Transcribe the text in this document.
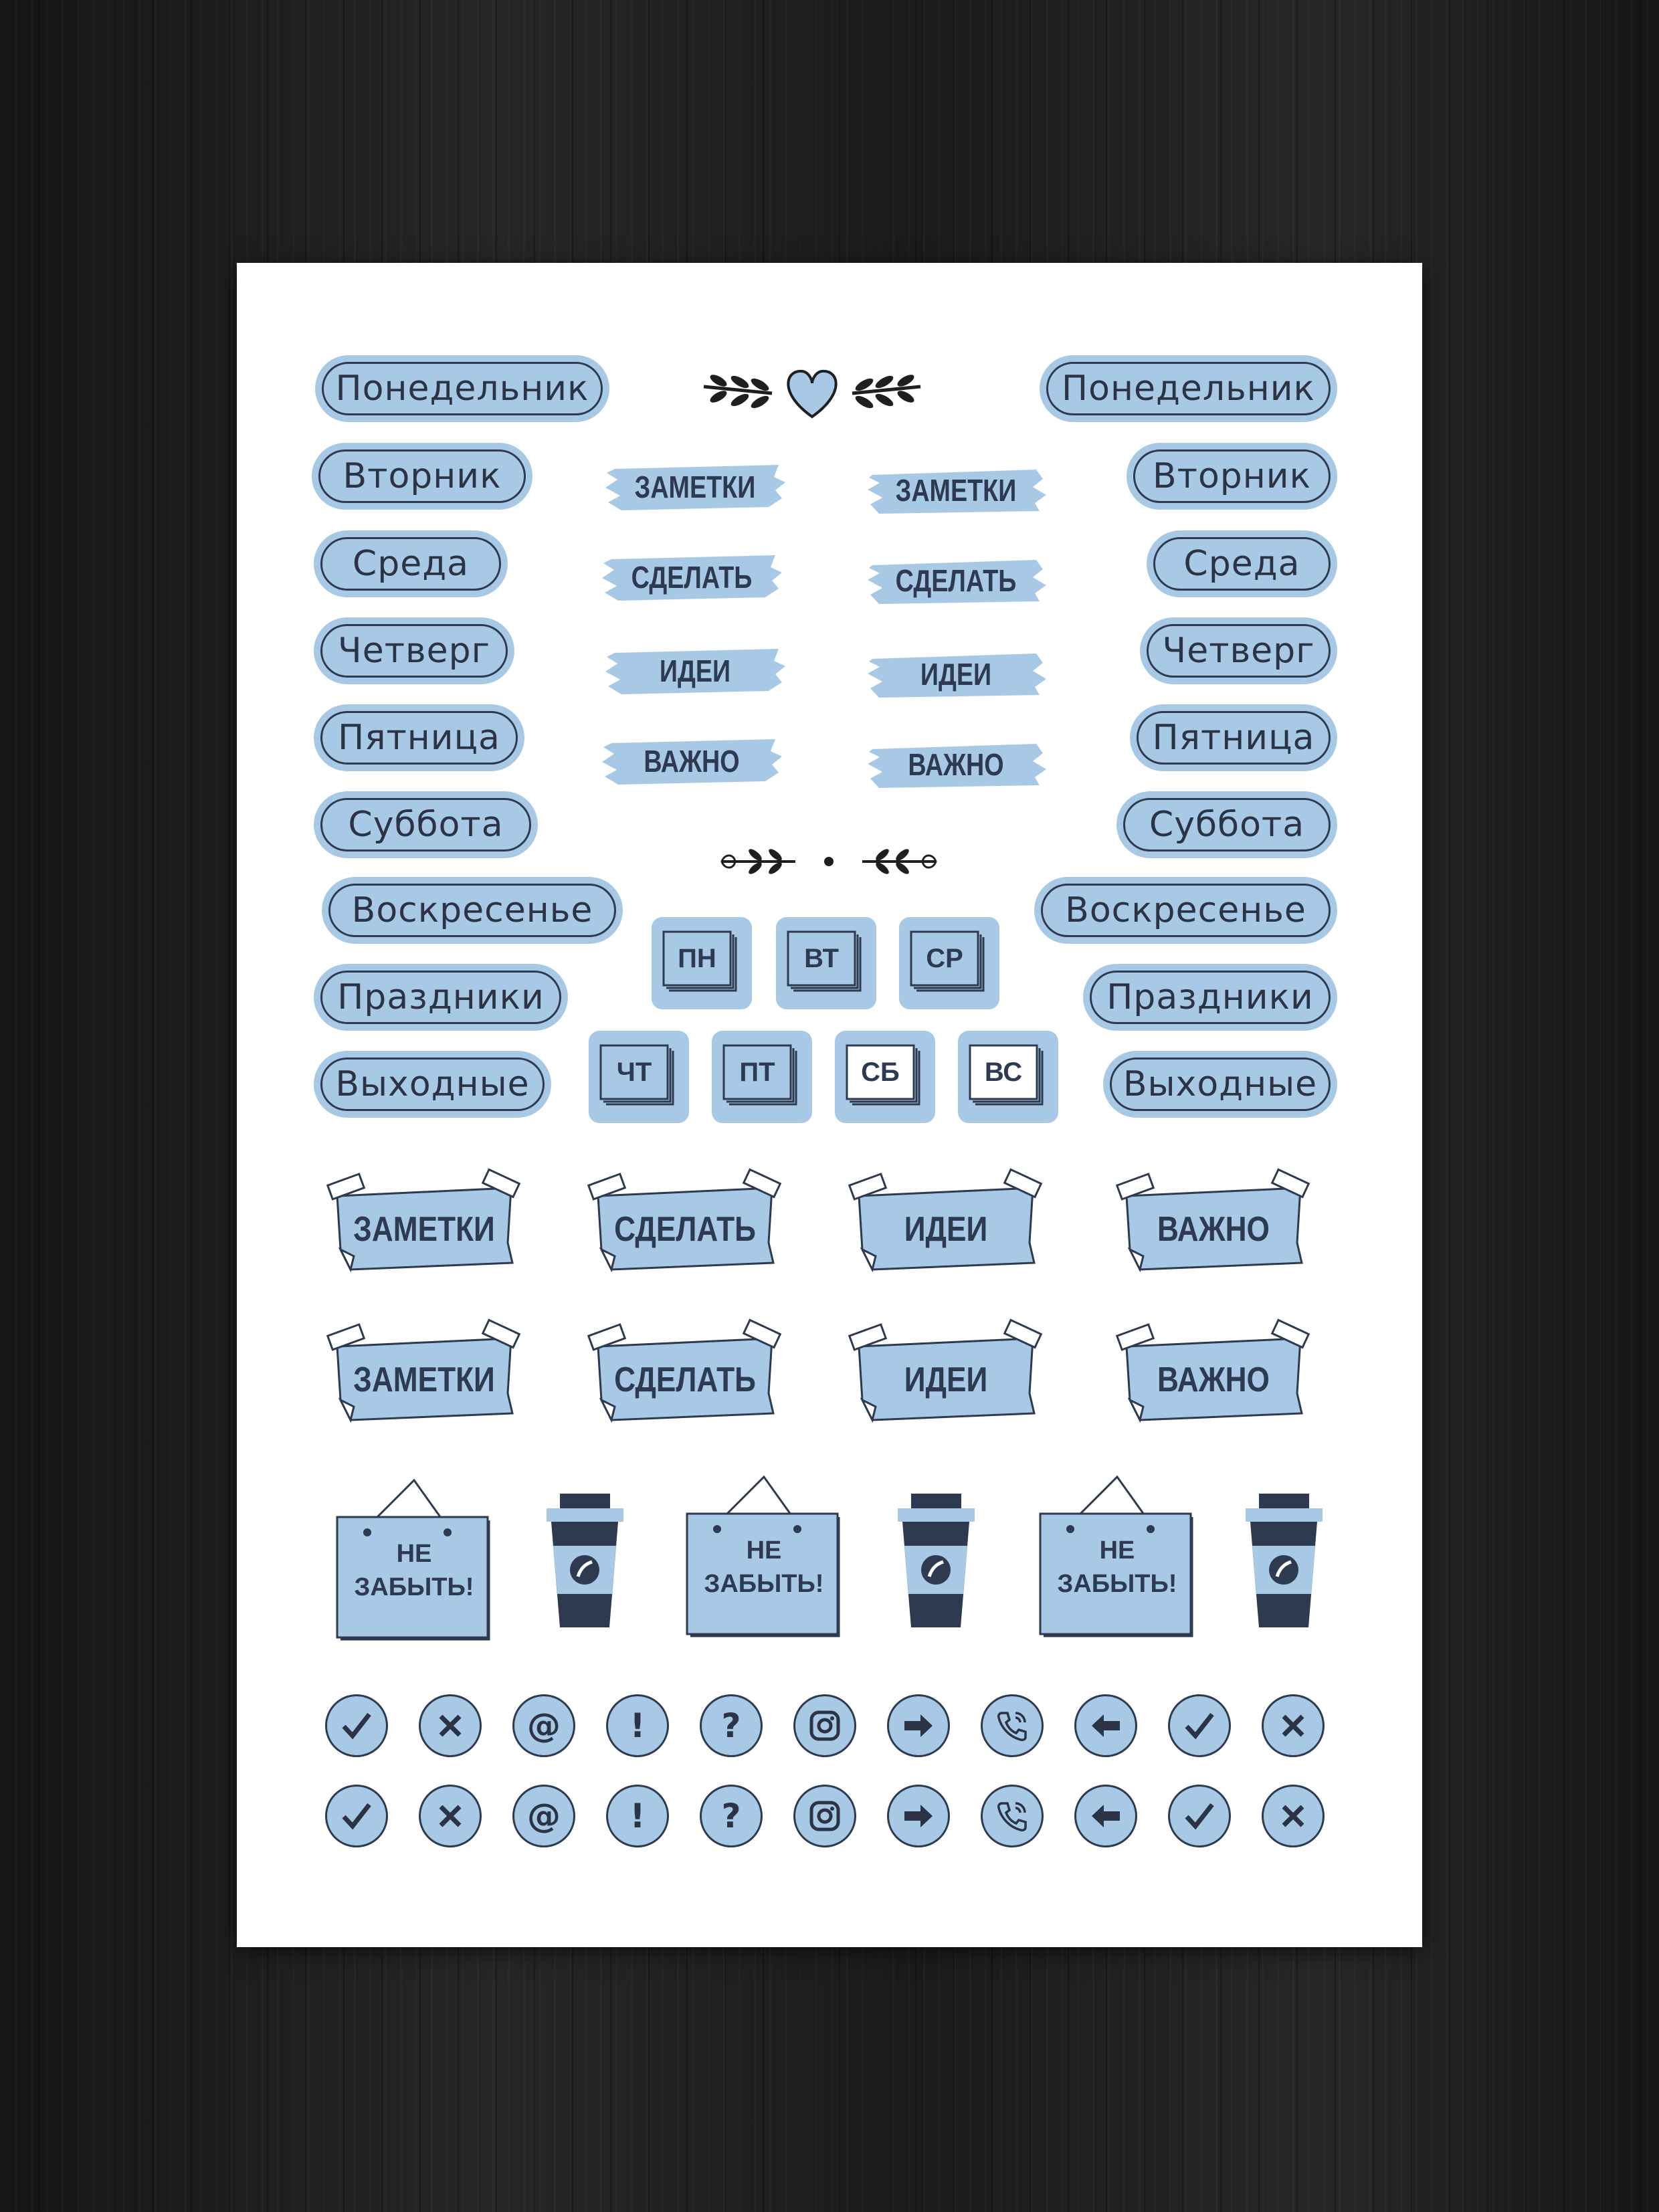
Понедельник
Вторник
Среда
Четверг
Пятница
Суббота
Воскресенье
Праздники
Выходные
Понедельник
Вторник
Среда
Четверг
Пятница
Суббота
Воскресенье
Праздники
Выходные
ЗАМЕТКИ
СДЕЛАТЬ
ИДЕИ
ВАЖНО
ЗАМЕТКИ
СДЕЛАТЬ
ИДЕИ
ВАЖНО
ПН	ВТ	СР
ЧТ	ПТ	СБ	ВС
ЗАМЕТКИ	СДЕЛАТЬ	ИДЕИ	ВАЖНО
ЗАМЕТКИ	СДЕЛАТЬ	ИДЕИ	ВАЖНО
НЕ
ЗАБЫТЬ!
НЕ
ЗАБЫТЬ!
НЕ
ЗАБЫТЬ!
@ ! ?
@ ! ?
